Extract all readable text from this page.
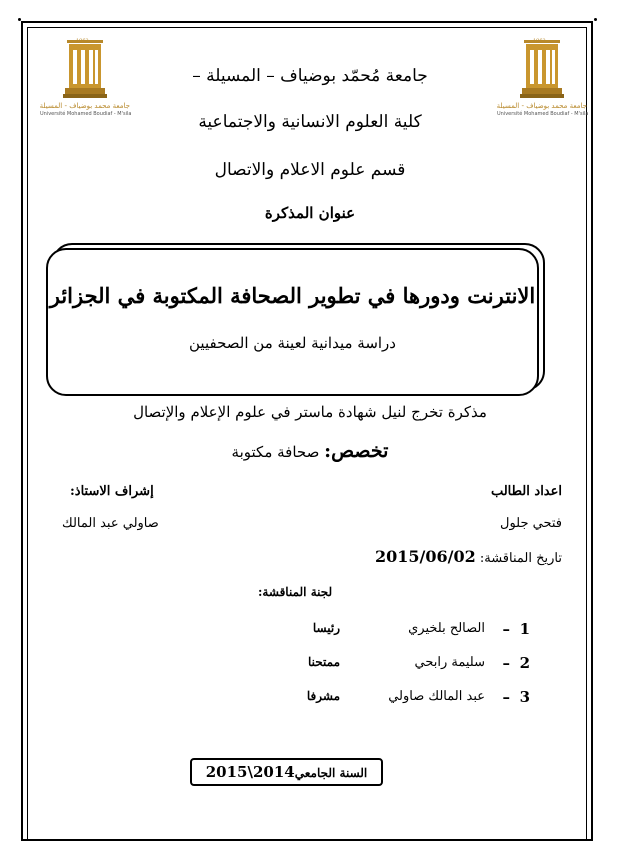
1962
جامعة محمد بوضياف - المسيلة
Université Mohamed Boudiaf - M'sila
1962
جامعة محمد بوضياف - المسيلة
Université Mohamed Boudiaf - M'sila
جامعة مُحمّد بوضياف – المسيلة –
كلية العلوم الانسانية والاجتماعية
قسم علوم الاعلام والاتصال
عنوان المذكرة
الانترنت ودورها في تطوير الصحافة المكتوبة في الجزائر
دراسة ميدانية لعينة من الصحفيين
مذكرة تخرج لنيل شهادة ماستر في علوم الإعلام والإتصال
تخصص: صحافة مكتوبة
اعداد الطالب
فتحي جلول
إشراف الاستاذ:
صاولي عبد المالك
تاريخ المناقشة: 2015/06/02
لجنة المناقشة:
1
–
الصالح بلخيري
رئيسا
2
–
سليمة رابحي
ممتحنا
3
–
عبد المالك صاولي
مشرفا
السنة الجامعي2015\2014
